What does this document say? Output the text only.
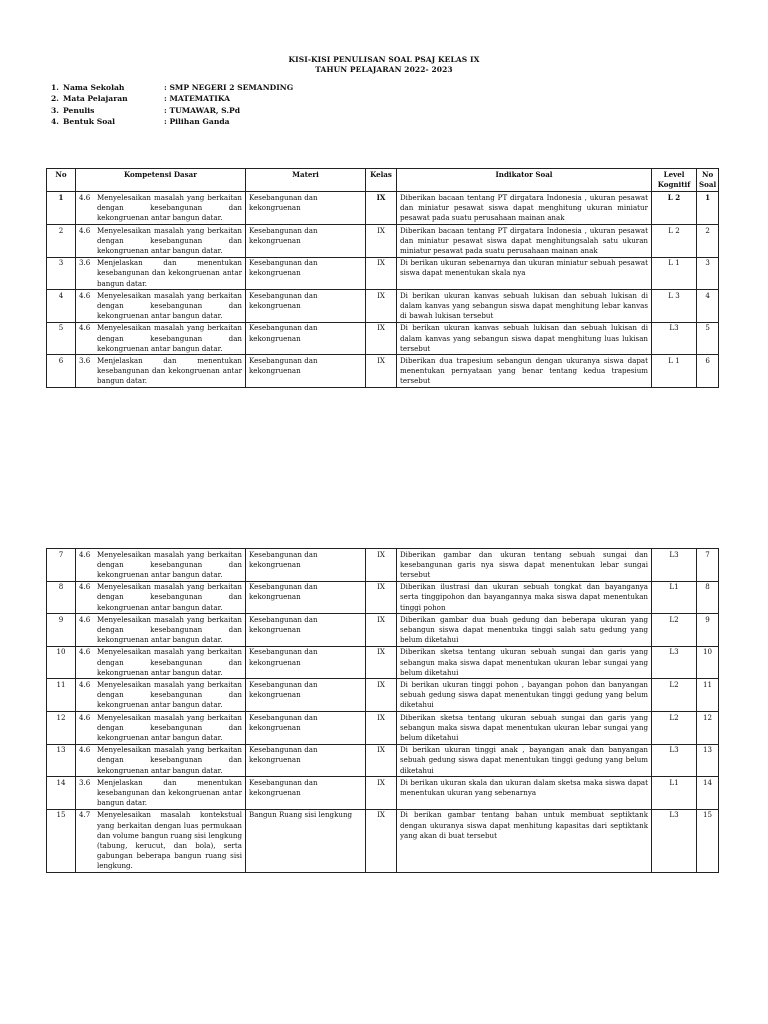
KISI-KISI PENULISAN SOAL PSAJ KELAS IX
TAHUN PELAJARAN 2022- 2023
1. Nama Sekolah	: SMP NEGERI 2 SEMANDING
2. Mata Pelajaran	: MATEMATIKA
3. Penulis	: TUMAWAR, S.Pd
4. Bentuk Soal	: Pilihan Ganda
No	Kompetensi Dasar	Materi	Kelas	Indikator Soal	Level Kognitif	No Soal
1	4.6 Menyelesaikan masalah yang berkaitan dengan kesebangunan dan kekongruenan antar bangun datar.	Kesebangunan dan kekongruenan	IX	Diberikan bacaan tentang PT dirgatara Indonesia , ukuran pesawat dan miniatur pesawat siswa dapat menghitung ukuran miniatur pesawat pada suatu perusahaan mainan anak	L 2	1
2	4.6 Menyelesaikan masalah yang berkaitan dengan kesebangunan dan kekongruenan antar bangun datar.	Kesebangunan dan kekongruenan	IX	Diberikan bacaan tentang PT dirgatara Indonesia , ukuran pesawat dan miniatur pesawat siswa dapat menghitungsalah satu ukuran miniatur pesawat pada suatu perusahaan mainan anak	L 2	2
3	3.6 Menjelaskan dan menentukan kesebangunan dan kekongruenan antar bangun datar.	Kesebangunan dan kekongruenan	IX	Di berikan ukuran sebenarnya dan ukuran miniatur sebuah pesawat siswa dapat menentukan skala nya	L 1	3
4	4.6 Menyelesaikan masalah yang berkaitan dengan kesebangunan dan kekongruenan antar bangun datar.	Kesebangunan dan kekongruenan	IX	Di berikan ukuran kanvas sebuah lukisan dan sebuah lukisan di dalam kanvas yang sebangun siswa dapat menghitung lebar kanvas di bawah lukisan tersebut	L 3	4
5	4.6 Menyelesaikan masalah yang berkaitan dengan kesebangunan dan kekongruenan antar bangun datar.	Kesebangunan dan kekongruenan	IX	Di berikan ukuran kanvas sebuah lukisan dan sebuah lukisan di dalam kanvas yang sebangun siswa dapat menghitung luas lukisan tersebut	L3	5
6	3.6 Menjelaskan dan menentukan kesebangunan dan kekongruenan antar bangun datar.	Kesebangunan dan kekongruenan	IX	Diberikan dua trapesium sebangun dengan ukuranya siswa dapat menentukan pernyataan yang benar tentang kedua trapesium tersebut	L 1	6
7	4.6 Menyelesaikan masalah yang berkaitan dengan kesebangunan dan kekongruenan antar bangun datar.	Kesebangunan dan kekongruenan	IX	Diberikan gambar dan ukuran tentang sebuah sungai dan kesebangunan garis nya siswa dapat menentukan lebar sungai tersebut	L3	7
8	4.6 Menyelesaikan masalah yang berkaitan dengan kesebangunan dan kekongruenan antar bangun datar.	Kesebangunan dan kekongruenan	IX	Diberikan ilustrasi dan ukuran sebuah tongkat dan bayanganya serta tinggipohon dan bayangannya maka siswa dapat menentukan tinggi pohon	L1	8
9	4.6 Menyelesaikan masalah yang berkaitan dengan kesebangunan dan kekongruenan antar bangun datar.	Kesebangunan dan kekongruenan	IX	Diberikan gambar dua buah gedung dan beberapa ukuran yang sebangun siswa dapat menentuka tinggi salah satu gedung yang belum diketahui	L2	9
10	4.6 Menyelesaikan masalah yang berkaitan dengan kesebangunan dan kekongruenan antar bangun datar.	Kesebangunan dan kekongruenan	IX	Diberikan sketsa tentang ukuran sebuah sungai dan garis yang sebangun maka siswa dapat menentukan ukuran lebar sungai yang belum diketahui	L3	10
11	4.6 Menyelesaikan masalah yang berkaitan dengan kesebangunan dan kekongruenan antar bangun datar.	Kesebangunan dan kekongruenan	IX	Di berikan ukuran tinggi pohon , bayangan pohon dan banyangan sebuah gedung siswa dapat menentukan tinggi gedung yang belum diketahui	L2	11
12	4.6 Menyelesaikan masalah yang berkaitan dengan kesebangunan dan kekongruenan antar bangun datar.	Kesebangunan dan kekongruenan	IX	Diberikan sketsa tentang ukuran sebuah sungai dan garis yang sebangun maka siswa dapat menentukan ukuran lebar sungai yang belum diketahui	L2	12
13	4.6 Menyelesaikan masalah yang berkaitan dengan kesebangunan dan kekongruenan antar bangun datar.	Kesebangunan dan kekongruenan	IX	Di berikan ukuran tinggi anak , bayangan anak dan banyangan sebuah gedung siswa dapat menentukan tinggi gedung yang belum diketahui	L3	13
14	3.6 Menjelaskan dan menentukan kesebangunan dan kekongruenan antar bangun datar.	Kesebangunan dan kekongruenan	IX	Di berikan ukuran skala dan ukuran dalam sketsa maka siswa dapat menentukan ukuran yang sebenarnya	L1	14
15	4.7 Menyelesaikan masalah kontekstual yang berkaitan dengan luas permukaan dan volume bangun ruang sisi lengkung (tabung, kerucut, dan bola), serta gabungan beberapa bangun ruang sisi lengkung.	Bangun Ruang sisi lengkung	IX	Di berikan gambar tentang bahan untuk membuat septiktank dengan ukuranya siswa dapat menhitung kapasitas dari septiktank yang akan di buat tersebut	L3	15
